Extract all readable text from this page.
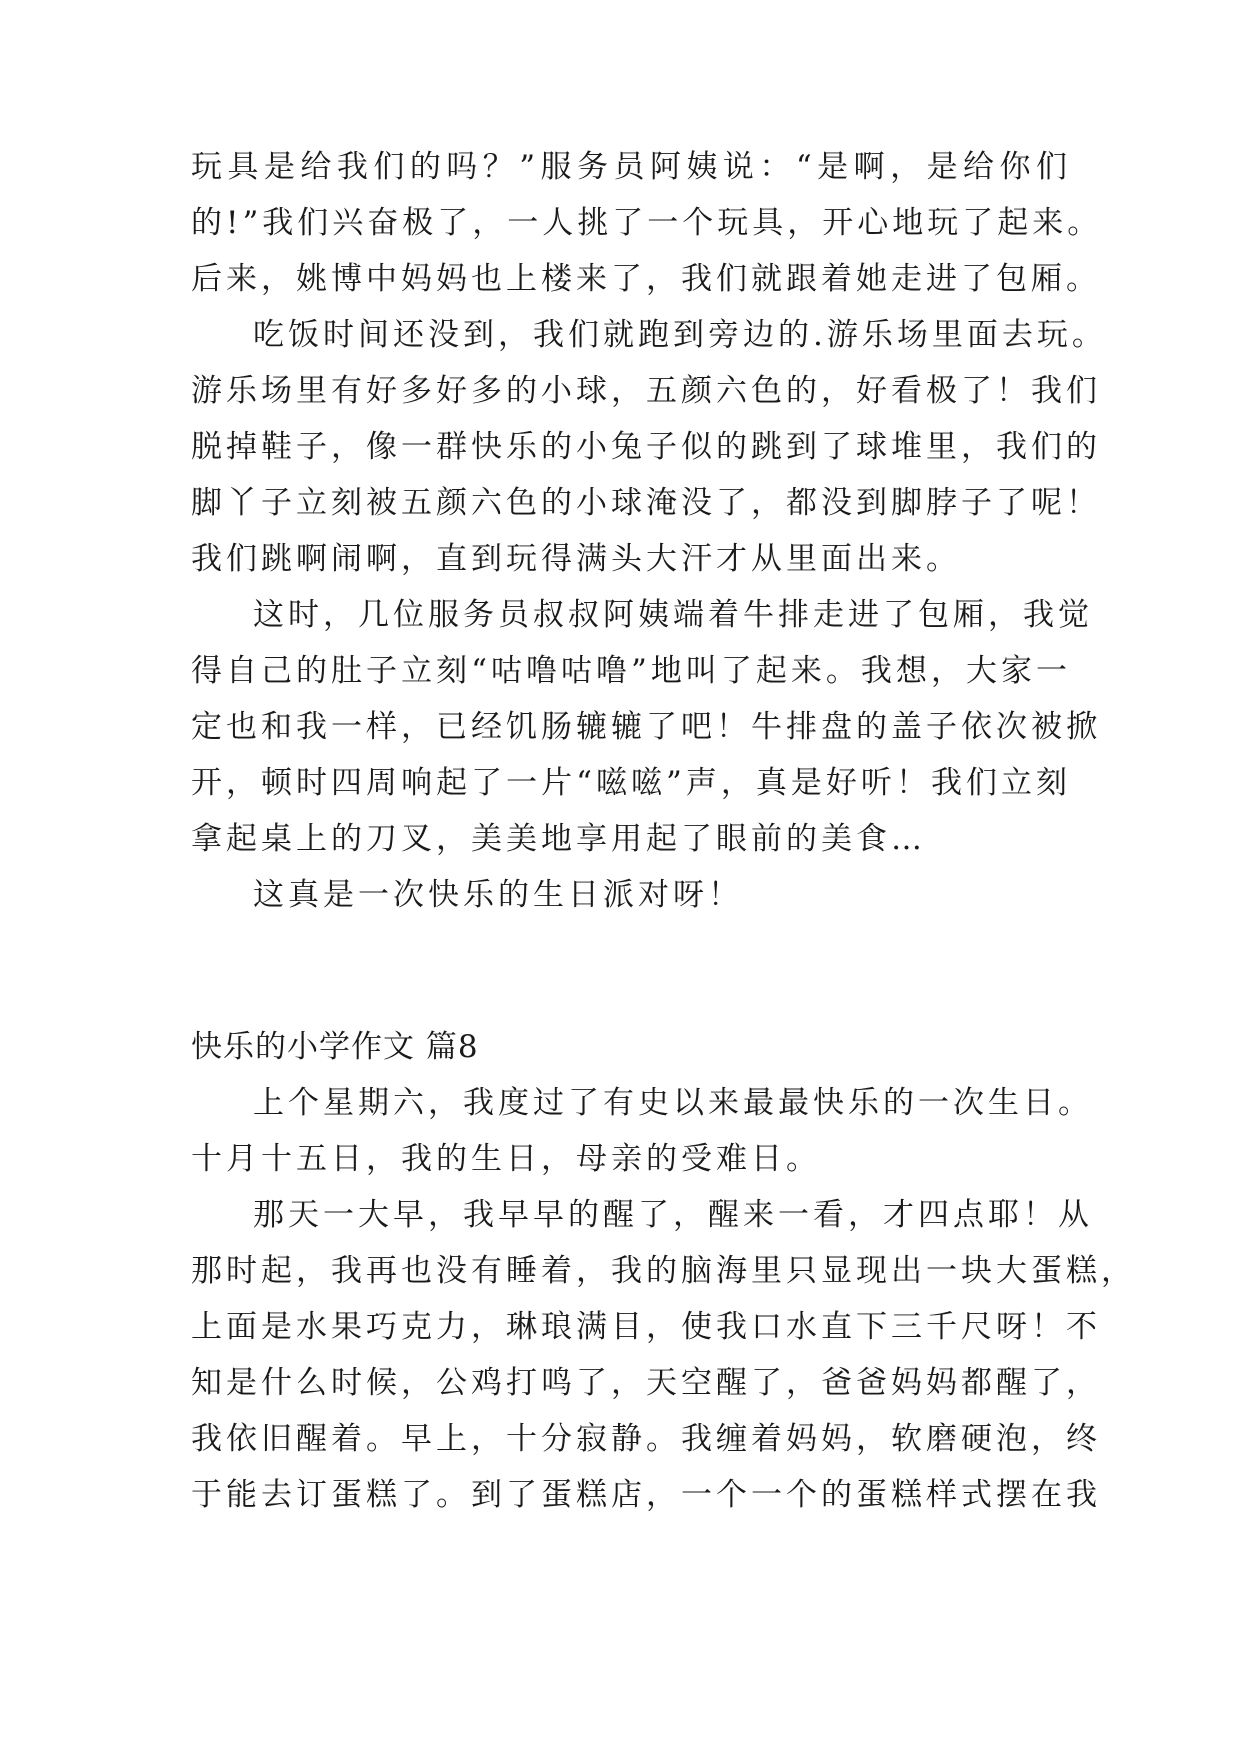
玩具是给我们的吗？”服务员阿姨说：“是啊，是给你们
的!”我们兴奋极了，一人挑了一个玩具，开心地玩了起来。
后来，姚博中妈妈也上楼来了，我们就跟着她走进了包厢。
吃饭时间还没到，我们就跑到旁边的.游乐场里面去玩。
游乐场里有好多好多的小球，五颜六色的，好看极了！我们
脱掉鞋子，像一群快乐的小兔子似的跳到了球堆里，我们的
脚丫子立刻被五颜六色的小球淹没了，都没到脚脖子了呢！
我们跳啊闹啊，直到玩得满头大汗才从里面出来。
这时，几位服务员叔叔阿姨端着牛排走进了包厢，我觉
得自己的肚子立刻“咕噜咕噜”地叫了起来。我想，大家一
定也和我一样，已经饥肠辘辘了吧！牛排盘的盖子依次被掀
开，顿时四周响起了一片“嗞嗞”声，真是好听！我们立刻
拿起桌上的刀叉，美美地享用起了眼前的美食…
这真是一次快乐的生日派对呀！
快乐的小学作文 篇8
上个星期六，我度过了有史以来最最快乐的一次生日。
十月十五日，我的生日，母亲的受难日。
那天一大早，我早早的醒了，醒来一看，才四点耶！从
那时起，我再也没有睡着，我的脑海里只显现出一块大蛋糕，
上面是水果巧克力，琳琅满目，使我口水直下三千尺呀！不
知是什么时候，公鸡打鸣了，天空醒了，爸爸妈妈都醒了，
我依旧醒着。早上，十分寂静。我缠着妈妈，软磨硬泡，终
于能去订蛋糕了。到了蛋糕店，一个一个的蛋糕样式摆在我
